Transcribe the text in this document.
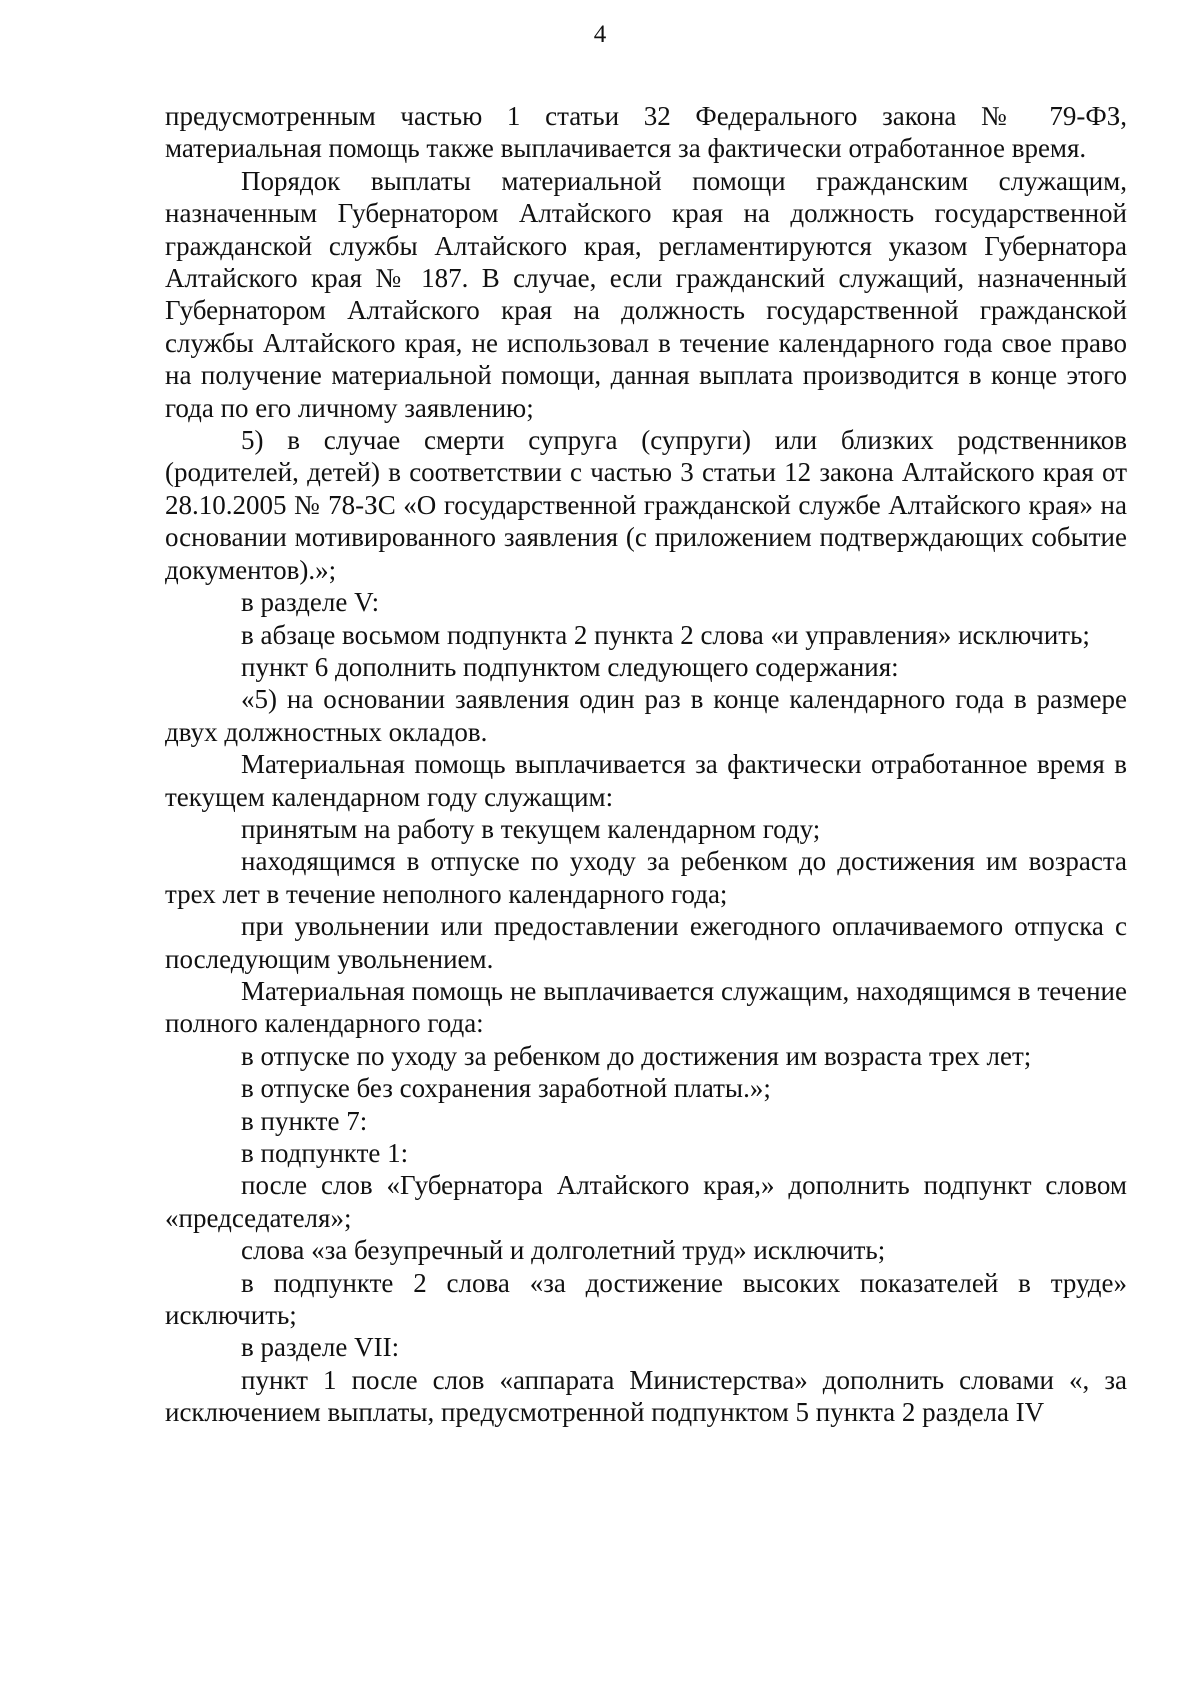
4

предусмотренным частью 1 статьи 32 Федерального закона № 79-ФЗ, материальная помощь также выплачивается за фактически отработанное время.

Порядок выплаты материальной помощи гражданским служащим, назначенным Губернатором Алтайского края на должность государственной гражданской службы Алтайского края, регламентируются указом Губернатора Алтайского края № 187. В случае, если гражданский служащий, назначенный Губернатором Алтайского края на должность государственной гражданской службы Алтайского края, не использовал в течение календарного года свое право на получение материальной помощи, данная выплата производится в конце этого года по его личному заявлению;

5) в случае смерти супруга (супруги) или близких родственников (родителей, детей) в соответствии с частью 3 статьи 12 закона Алтайского края от 28.10.2005 № 78-ЗС «О государственной гражданской службе Алтайского края» на основании мотивированного заявления (с приложением подтверждающих событие документов).»;

в разделе V:

в абзаце восьмом подпункта 2 пункта 2 слова «и управления» исключить;

пункт 6 дополнить подпунктом следующего содержания:

«5) на основании заявления один раз в конце календарного года в размере двух должностных окладов.

Материальная помощь выплачивается за фактически отработанное время в текущем календарном году служащим:

принятым на работу в текущем календарном году;

находящимся в отпуске по уходу за ребенком до достижения им возраста трех лет в течение неполного календарного года;

при увольнении или предоставлении ежегодного оплачиваемого отпуска с последующим увольнением.

Материальная помощь не выплачивается служащим, находящимся в течение полного календарного года:

в отпуске по уходу за ребенком до достижения им возраста трех лет;

в отпуске без сохранения заработной платы.»;

в пункте 7:

в подпункте 1:

после слов «Губернатора Алтайского края,» дополнить подпункт словом «председателя»;

слова «за безупречный и долголетний труд» исключить;

в подпункте 2 слова «за достижение высоких показателей в труде» исключить;

в разделе VII:

пункт 1 после слов «аппарата Министерства» дополнить словами «, за исключением выплаты, предусмотренной подпунктом 5 пункта 2 раздела IV
